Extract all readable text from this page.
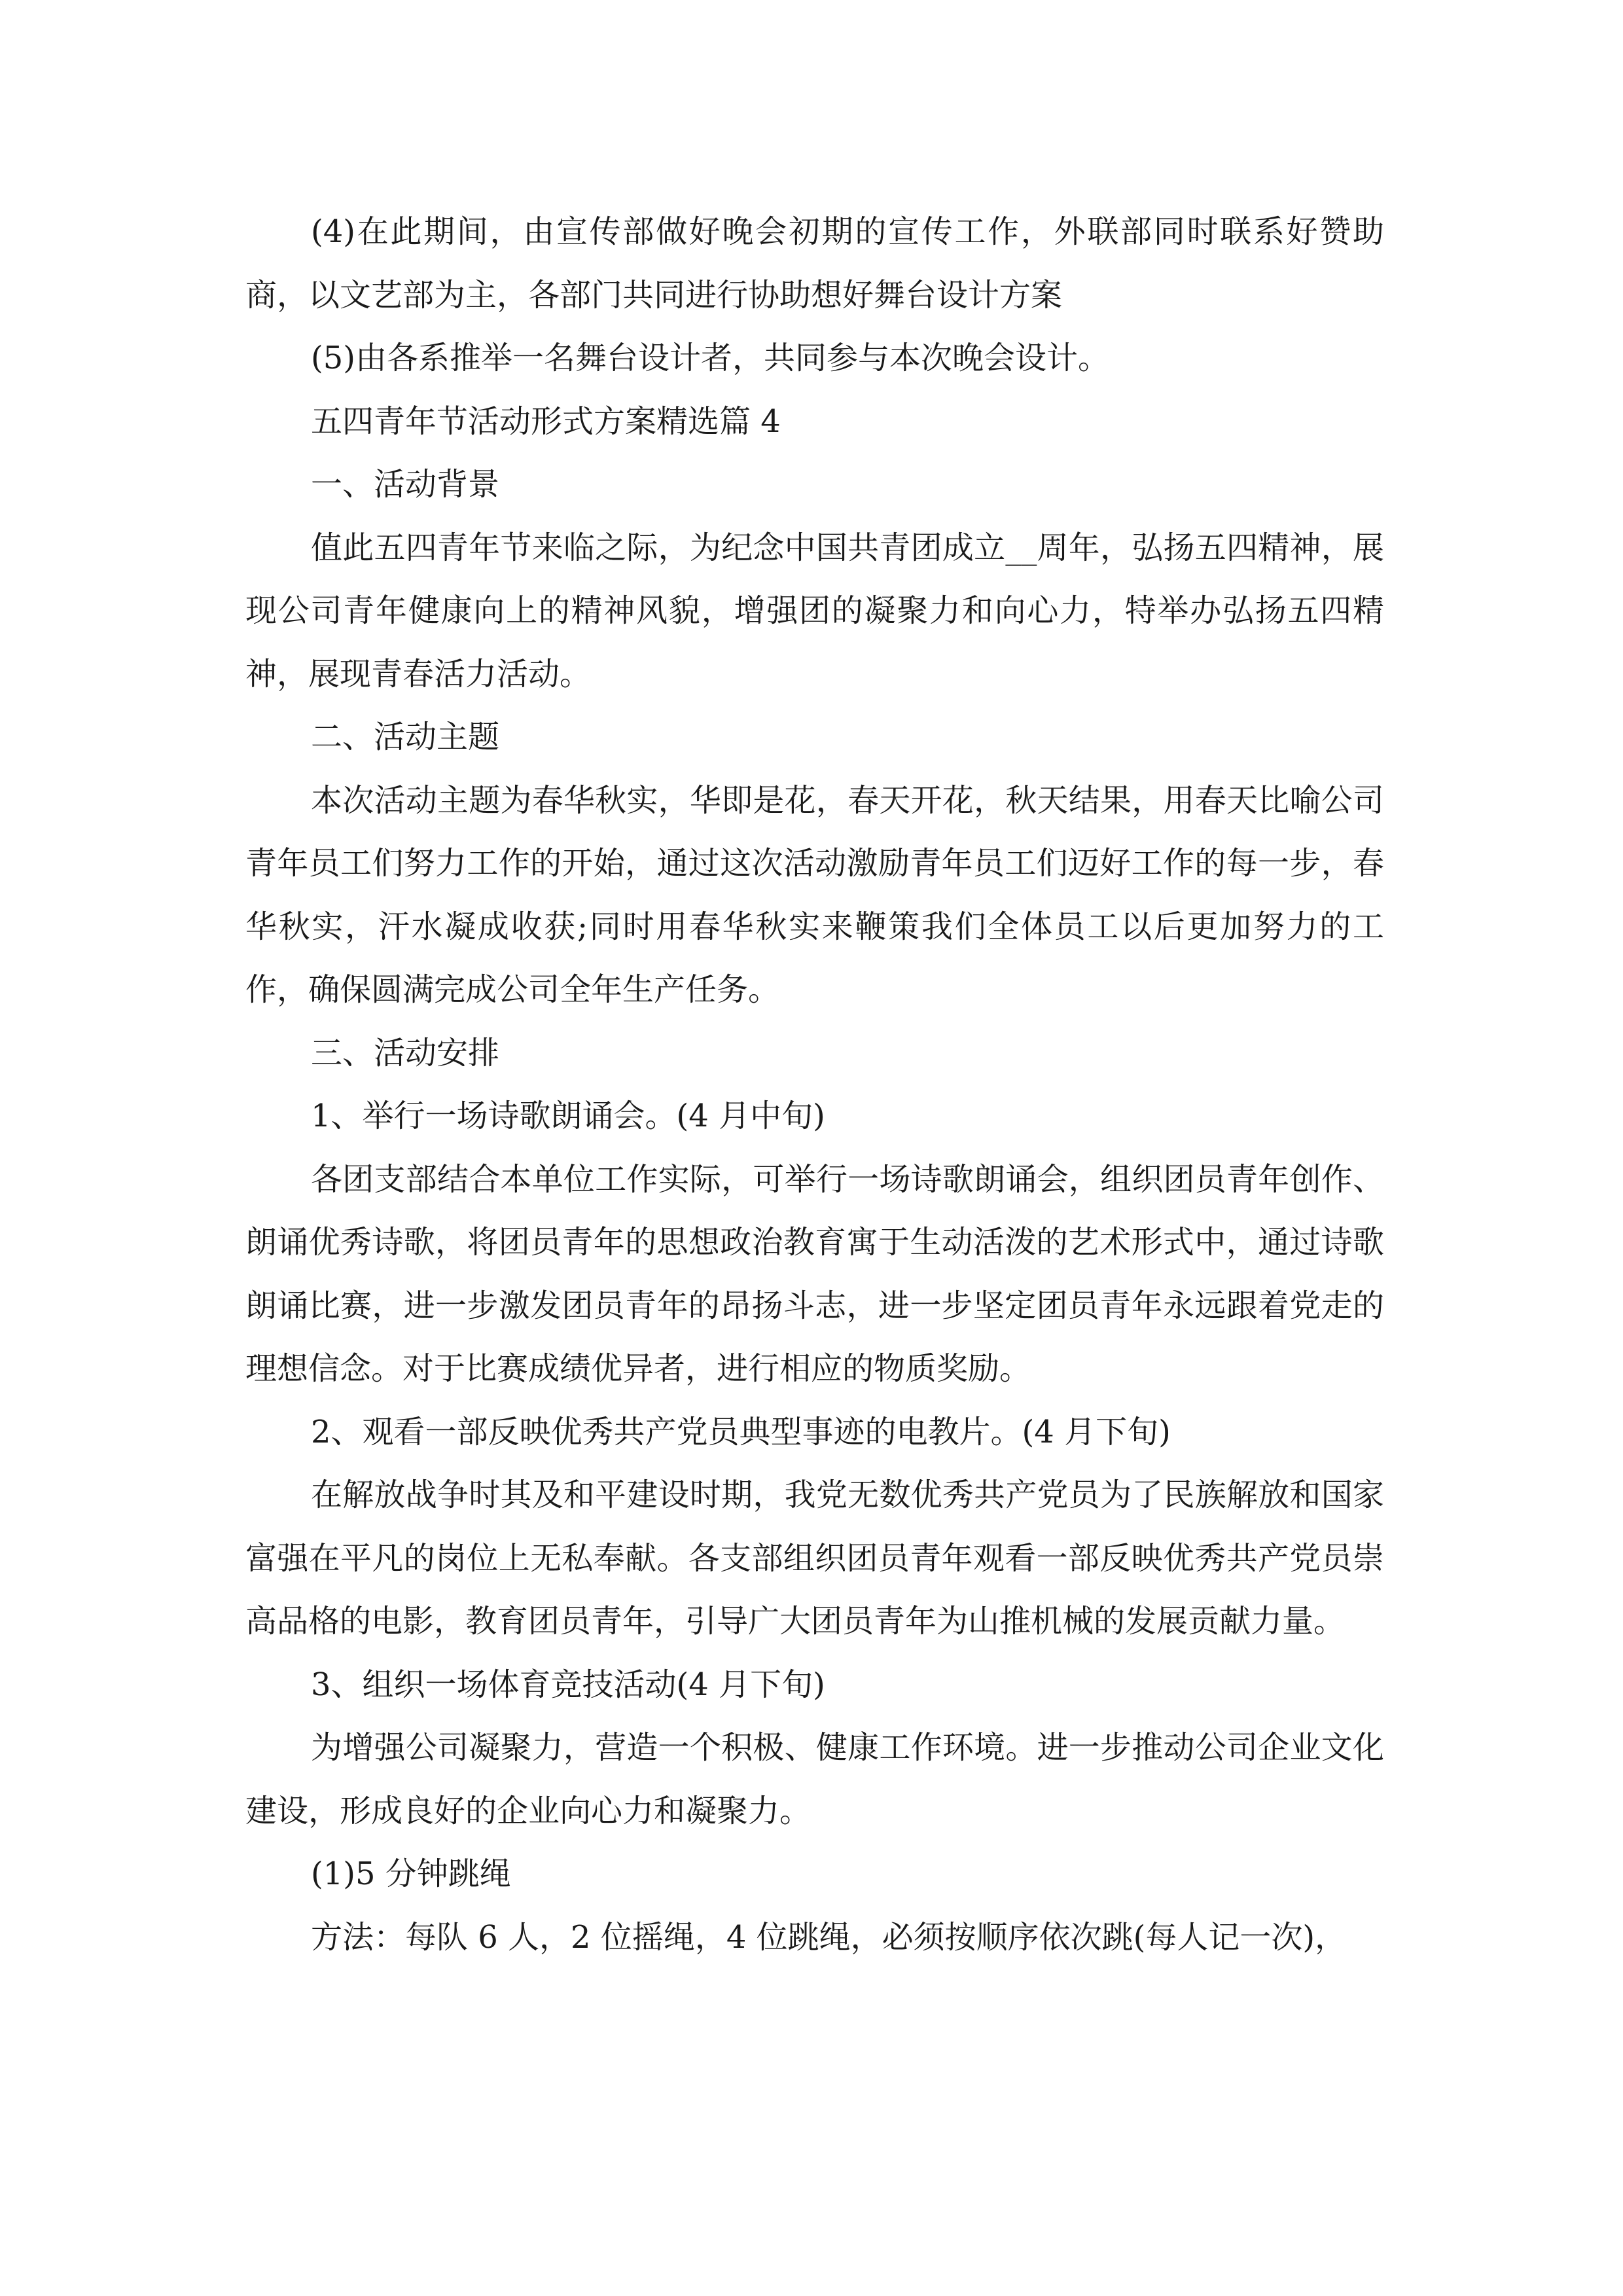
(4)在此期间，由宣传部做好晚会初期的宣传工作，外联部同时联系好赞助商，以文艺部为主，各部门共同进行协助想好舞台设计方案

(5)由各系推举一名舞台设计者，共同参与本次晚会设计。

五四青年节活动形式方案精选篇 4

一、活动背景

值此五四青年节来临之际，为纪念中国共青团成立__周年，弘扬五四精神，展现公司青年健康向上的精神风貌，增强团的凝聚力和向心力，特举办弘扬五四精神，展现青春活力活动。

二、活动主题

本次活动主题为春华秋实，华即是花，春天开花，秋天结果，用春天比喻公司青年员工们努力工作的开始，通过这次活动激励青年员工们迈好工作的每一步，春华秋实，汗水凝成收获;同时用春华秋实来鞭策我们全体员工以后更加努力的工作，确保圆满完成公司全年生产任务。

三、活动安排

1、举行一场诗歌朗诵会。(4 月中旬)

各团支部结合本单位工作实际，可举行一场诗歌朗诵会，组织团员青年创作、朗诵优秀诗歌，将团员青年的思想政治教育寓于生动活泼的艺术形式中，通过诗歌朗诵比赛，进一步激发团员青年的昂扬斗志，进一步坚定团员青年永远跟着党走的理想信念。对于比赛成绩优异者，进行相应的物质奖励。

2、观看一部反映优秀共产党员典型事迹的电教片。(4 月下旬)

在解放战争时其及和平建设时期，我党无数优秀共产党员为了民族解放和国家富强在平凡的岗位上无私奉献。各支部组织团员青年观看一部反映优秀共产党员崇高品格的电影，教育团员青年，引导广大团员青年为山推机械的发展贡献力量。

3、组织一场体育竞技活动(4 月下旬)

为增强公司凝聚力，营造一个积极、健康工作环境。进一步推动公司企业文化建设，形成良好的企业向心力和凝聚力。

(1)5 分钟跳绳

方法：每队 6 人，2 位摇绳，4 位跳绳，必须按顺序依次跳(每人记一次)，
